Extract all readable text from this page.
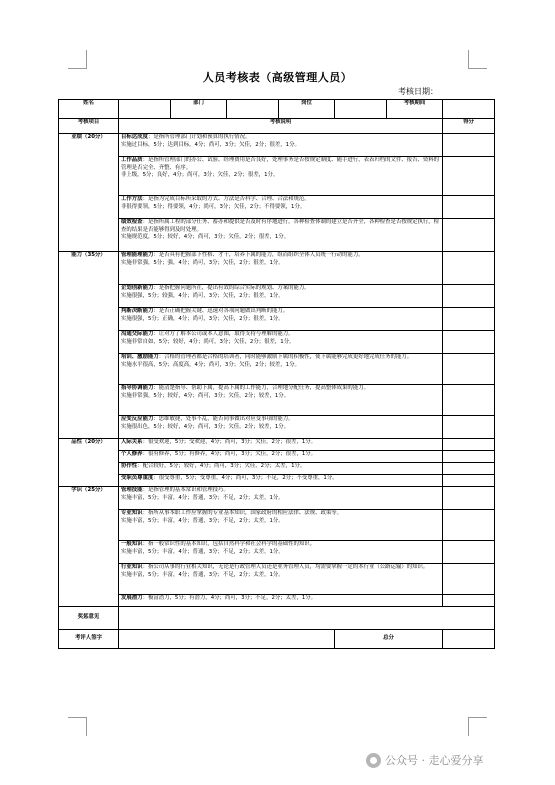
人员考核表（高级管理人员）
考核日期：
姓名		部门		岗位		考核期间	
考核项目	考核说明						得分
业绩（20分）	目标达成度：是指所管理部门计划和预算的执行情况。
实施过目标，5分；达到目标，4分；尚可，3分；欠佳，2分；很差，1分。						
	工作品质：是指所管理部门的办公、试验、经理费用是否良好，处理事务是否按规定制度、随手进行，表表归档的文件、报告、资料的管理是否完全、齐整、有序。
非上级，5分；良好，4分；尚可，3分；欠佳，2分；很差，1分。						
	工作方法：是指为完成目标所采取的方式、方法是否科学、合理、合法和规范。
非很得要领，5分；得要领，4分；尚可，3分；欠佳，2分；不得要领，1分。						
	绩效检查：是指所属工程的部分任务、蓄办和提供是否及时有序地进行，各种检查体制的建立是否齐全，各种检查是否按规定执行，检查的结果是否能够得到及时处理。
实施规范度，5分；较好，4分；尚可，3分；欠佳，2分；很差，1分。						
能力（35分）	管理能理能力：是否具有把握部下性格、才干，培养下属的能力，组而组织全体人员统一行动的能力。
实施非常强，5分；强，4分；尚可，3分；欠佳，2分；很差，1分。						
	企划创新能力：是指把握问题所在，提出有效的综合实际的规划、方案的能力。
实施很强，5分；较强，4分；尚可，3分；欠佳，2分；很差，1分。						
	判断决断能力：是否正确把握关键、迅速对各项问题做出判断的能力。
实施很强，5分；正确，4分；尚可，3分；欠佳，2分；很差，1分。						
	沟通交际能力：让对方了解本公司或本人意图，取得支持与理解的能力。
实施非常自如，5分；较好，4分；尚可，3分；欠佳，2分；很差，1分。						
	培训、激励能力：合格的管理者都是合格的培训者，同时能够激励下属的积极性，使下属能够完成更好地完成任务的能力。
实施水平很高，5分；高度高，4分；尚可，3分；欠佳，2分；较差，1分。						
	指导协调能力：能清楚指导、帮助下属，提高下属的工作能力，合理地分配任务，提高整体成果的能力。
实施非常强，5分；较好，4分；尚可，3分；欠佳，2分；较差，1分。						
	应变反应能力：思维敏捷，处事不乱，能否同事做出对应变事项的能力。
实施很出色，5分；较好，4分；尚可，3分；欠佳，2分；较差，1分。						
品性（20分）	人际关系：很受欢迎，5分；受欢迎，4分；尚可，3分；欠佳，2分；很差，1分。						
	个人修养：很有修养，5分；有修养，4分；尚可，3分；欠佳，2分；很差，1分。						
	协作性：配合较好，5分；较好，4分；尚可，3分；欠佳，2分；太差，1分。						
	受职员尊重度：很受尊重，5分；受尊重，4分；尚可，3分；不足，2分；不受尊重，1分。						
学识（25分）	管理技能：是指管理的基本常识和管理技巧。
实施丰富，5分；丰富，4分；普通，3分；不足，2分；太差，1分。						
	专业知识：指所从事本职工作应掌握的专业基本知识，国家政府的相应法律、法规、政策等。
实施丰富，5分；丰富，4分；普通，3分；不足，2分；太差，1分。						
	一般知识：指一般常识性的基本知识，包括自然科学和社会科学的基础性的知识。
实施丰富，5分；丰富，4分；普通，3分；不足，2分；太差，1分。						
	行业知识：指公司从事的行业相关知识，无论是行政管理人员还是业务管理人员，均需要掌握一定的本行业（公路运输）的知识。
实施丰富，5分；丰富，4分；普通，3分；不足，2分；太差，1分。						
	发展潜力：极富潜力，5分；有潜力，4分；尚可，3分；不足，2分；太差，1分。						
奖惩意见							
考评人签字					总分		
公众号 · 走心爱分享
